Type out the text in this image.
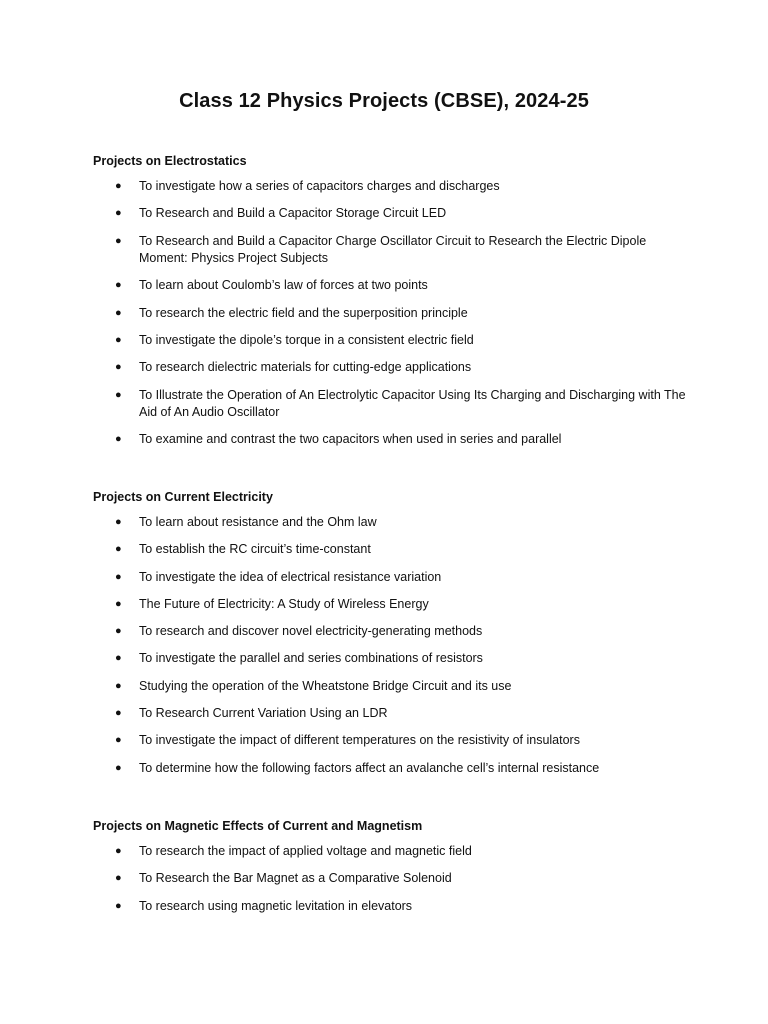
Class 12 Physics Projects (CBSE), 2024-25
Projects on Electrostatics
● To investigate how a series of capacitors charges and discharges
● To Research and Build a Capacitor Storage Circuit LED
● To Research and Build a Capacitor Charge Oscillator Circuit to Research the Electric Dipole Moment: Physics Project Subjects
● To learn about Coulomb’s law of forces at two points
● To research the electric field and the superposition principle
● To investigate the dipole’s torque in a consistent electric field
● To research dielectric materials for cutting-edge applications
● To Illustrate the Operation of An Electrolytic Capacitor Using Its Charging and Discharging with The Aid of An Audio Oscillator
● To examine and contrast the two capacitors when used in series and parallel
Projects on Current Electricity
● To learn about resistance and the Ohm law
● To establish the RC circuit’s time-constant
● To investigate the idea of electrical resistance variation
● The Future of Electricity: A Study of Wireless Energy
● To research and discover novel electricity-generating methods
● To investigate the parallel and series combinations of resistors
● Studying the operation of the Wheatstone Bridge Circuit and its use
● To Research Current Variation Using an LDR
● To investigate the impact of different temperatures on the resistivity of insulators
● To determine how the following factors affect an avalanche cell’s internal resistance
Projects on Magnetic Effects of Current and Magnetism
● To research the impact of applied voltage and magnetic field
● To Research the Bar Magnet as a Comparative Solenoid
● To research using magnetic levitation in elevators
